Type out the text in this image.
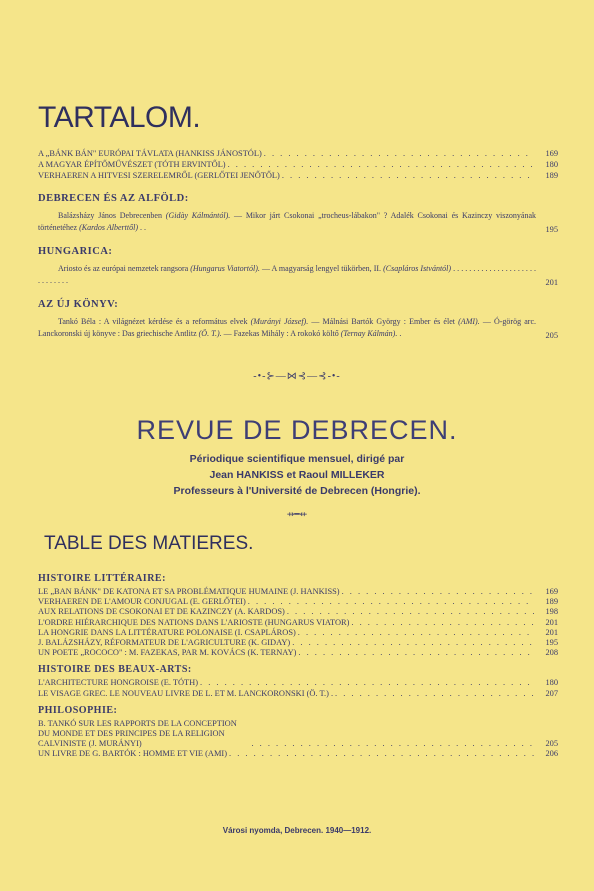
TARTALOM.
A „BÁNK BÁN" EURÓPAI TÁVLATA (HANKISS JÁNOSTÓL) . . .	169
A MAGYAR ÉPÍTŐMŰVÉSZET (TÓTH ERVINTŐL) . . .	180
VERHAEREN A HITVESI SZERELEMRŐL (GERLŐTEI JENŐTŐL) . . .	189
DEBRECEN ÉS AZ ALFÖLD:
Balázsházy János Debrecenben (Gidày Kálmántól). — Mikor járt Csokonai „trocheus-lábakon" ? Adalék Csokonai és Kazinczy viszonyának történetéhez (Kardos Alberttől) . .	195
HUNGARICA:
Ariosto és az európai nemzetek rangsora (Hungarus Viatortól). — A magyarság lengyel tükörben, II. (Csapláros Istvántól) . . . . . . . . . . . . . . . . . . . . . . . . . . . . .	201
AZ ÚJ KÖNYV:
Tankó Béla : A világnézet kérdése és a református elvek (Murányi József). — Málnási Bartók György : Ember és élet (AMI). — Ó-görög arc. Lanckoronski új könyve : Das griechische Antlitz (Ö. T.). — Fazekas Mihály : A rokokó költő (Ternay Kálmán). .	205
-•-⊱—⋈⊰—⊰-•-
REVUE DE DEBRECEN.
Périodique scientifique mensuel, dirigé par
Jean HANKISS et Raoul MILLEKER
Professeurs à l'Université de Debrecen (Hongrie).
⇸━⇷
TABLE DES MATIERES.
HISTOIRE LITTÉRAIRE:
LE „BAN BÁNK" DE KATONA ET SA PROBLÉMATIQUE HUMAINE (J. HANKISS) . . .	169
VERHAEREN DE L'AMOUR CONJUGAL (E. GERLŐTEI) . . .	189
AUX RELATIONS DE CSOKONAI ET DE KAZINCZY (A. KARDOS) . . .	198
L'ORDRE HIÉRARCHIQUE DES NATIONS DANS L'ARIOSTE (HUNGARUS VIATOR) . . .	201
LA HONGRIE DANS LA LITTÉRATURE POLONAISE (I. CSAPLÁROS) . . .	201
J. BALÁZSHÁZY, RÉFORMATEUR DE L'AGRICULTURE (K. GIDAY) . . .	195
UN POETE „ROCOCO" : M. FAZEKAS, PAR M. KOVÁCS (K. TERNAY) . . .	208
HISTOIRE DES BEAUX-ARTS:
L'ARCHITECTURE HONGROISE (E. TÓTH) . . .	180
LE VISAGE GREC. LE NOUVEAU LIVRE DE L. ET M. LANCKORONSKI (Ö. T.) . . . .	207
PHILOSOPHIE:
B. TANKÓ SUR LES RAPPORTS DE LA CONCEPTION DU MONDE ET DES PRINCIPES DE LA RELIGION CALVINISTE (J. MURÁNYI) . . .	205
UN LIVRE DE G. BARTÓK : HOMME ET VIE (AMI) . . .	206
Városi nyomda, Debrecen. 1940—1912.
